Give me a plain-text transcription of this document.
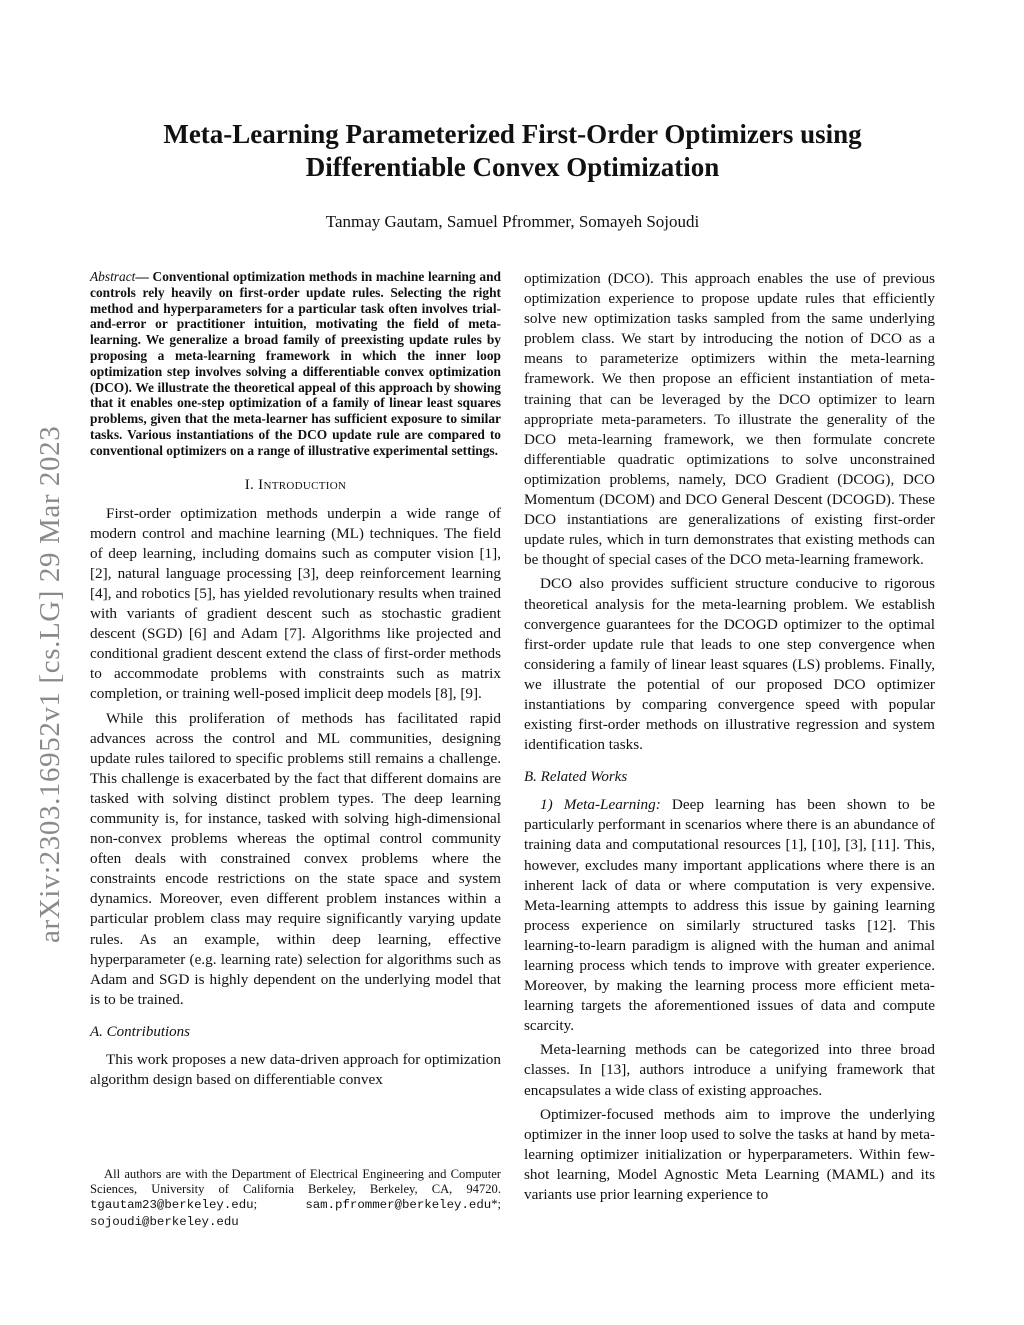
arXiv:2303.16952v1 [cs.LG] 29 Mar 2023
Meta-Learning Parameterized First-Order Optimizers using
Differentiable Convex Optimization
Tanmay Gautam, Samuel Pfrommer, Somayeh Sojoudi

Abstract— Conventional optimization methods in machine learning and controls rely heavily on first-order update rules. Selecting the right method and hyperparameters for a particular task often involves trial-and-error or practitioner intuition, motivating the field of meta-learning. We generalize a broad family of preexisting update rules by proposing a meta-learning framework in which the inner loop optimization step involves solving a differentiable convex optimization (DCO). We illustrate the theoretical appeal of this approach by showing that it enables one-step optimization of a family of linear least squares problems, given that the meta-learner has sufficient exposure to similar tasks. Various instantiations of the DCO update rule are compared to conventional optimizers on a range of illustrative experimental settings.

I. Introduction

First-order optimization methods underpin a wide range of modern control and machine learning (ML) techniques. The field of deep learning, including domains such as computer vision [1], [2], natural language processing [3], deep reinforcement learning [4], and robotics [5], has yielded revolutionary results when trained with variants of gradient descent such as stochastic gradient descent (SGD) [6] and Adam [7]. Algorithms like projected and conditional gradient descent extend the class of first-order methods to accommodate problems with constraints such as matrix completion, or training well-posed implicit deep models [8], [9].

While this proliferation of methods has facilitated rapid advances across the control and ML communities, designing update rules tailored to specific problems still remains a challenge. This challenge is exacerbated by the fact that different domains are tasked with solving distinct problem types. The deep learning community is, for instance, tasked with solving high-dimensional non-convex problems whereas the optimal control community often deals with constrained convex problems where the constraints encode restrictions on the state space and system dynamics. Moreover, even different problem instances within a particular problem class may require significantly varying update rules. As an example, within deep learning, effective hyperparameter (e.g. learning rate) selection for algorithms such as Adam and SGD is highly dependent on the underlying model that is to be trained.

A. Contributions

This work proposes a new data-driven approach for optimization algorithm design based on differentiable convex

All authors are with the Department of Electrical Engineering and Computer Sciences, University of California Berkeley, Berkeley, CA, 94720. tgautam23@berkeley.edu; sam.pfrommer@berkeley.edu*; sojoudi@berkeley.edu

optimization (DCO). This approach enables the use of previous optimization experience to propose update rules that efficiently solve new optimization tasks sampled from the same underlying problem class. We start by introducing the notion of DCO as a means to parameterize optimizers within the meta-learning framework. We then propose an efficient instantiation of meta-training that can be leveraged by the DCO optimizer to learn appropriate meta-parameters. To illustrate the generality of the DCO meta-learning framework, we then formulate concrete differentiable quadratic optimizations to solve unconstrained optimization problems, namely, DCO Gradient (DCOG), DCO Momentum (DCOM) and DCO General Descent (DCOGD). These DCO instantiations are generalizations of existing first-order update rules, which in turn demonstrates that existing methods can be thought of special cases of the DCO meta-learning framework.

DCO also provides sufficient structure conducive to rigorous theoretical analysis for the meta-learning problem. We establish convergence guarantees for the DCOGD optimizer to the optimal first-order update rule that leads to one step convergence when considering a family of linear least squares (LS) problems. Finally, we illustrate the potential of our proposed DCO optimizer instantiations by comparing convergence speed with popular existing first-order methods on illustrative regression and system identification tasks.

B. Related Works

1) Meta-Learning: Deep learning has been shown to be particularly performant in scenarios where there is an abundance of training data and computational resources [1], [10], [3], [11]. This, however, excludes many important applications where there is an inherent lack of data or where computation is very expensive. Meta-learning attempts to address this issue by gaining learning process experience on similarly structured tasks [12]. This learning-to-learn paradigm is aligned with the human and animal learning process which tends to improve with greater experience. Moreover, by making the learning process more efficient meta-learning targets the aforementioned issues of data and compute scarcity.

Meta-learning methods can be categorized into three broad classes. In [13], authors introduce a unifying framework that encapsulates a wide class of existing approaches.

Optimizer-focused methods aim to improve the underlying optimizer in the inner loop used to solve the tasks at hand by meta-learning optimizer initialization or hyperparameters. Within few-shot learning, Model Agnostic Meta Learning (MAML) and its variants use prior learning experience to
